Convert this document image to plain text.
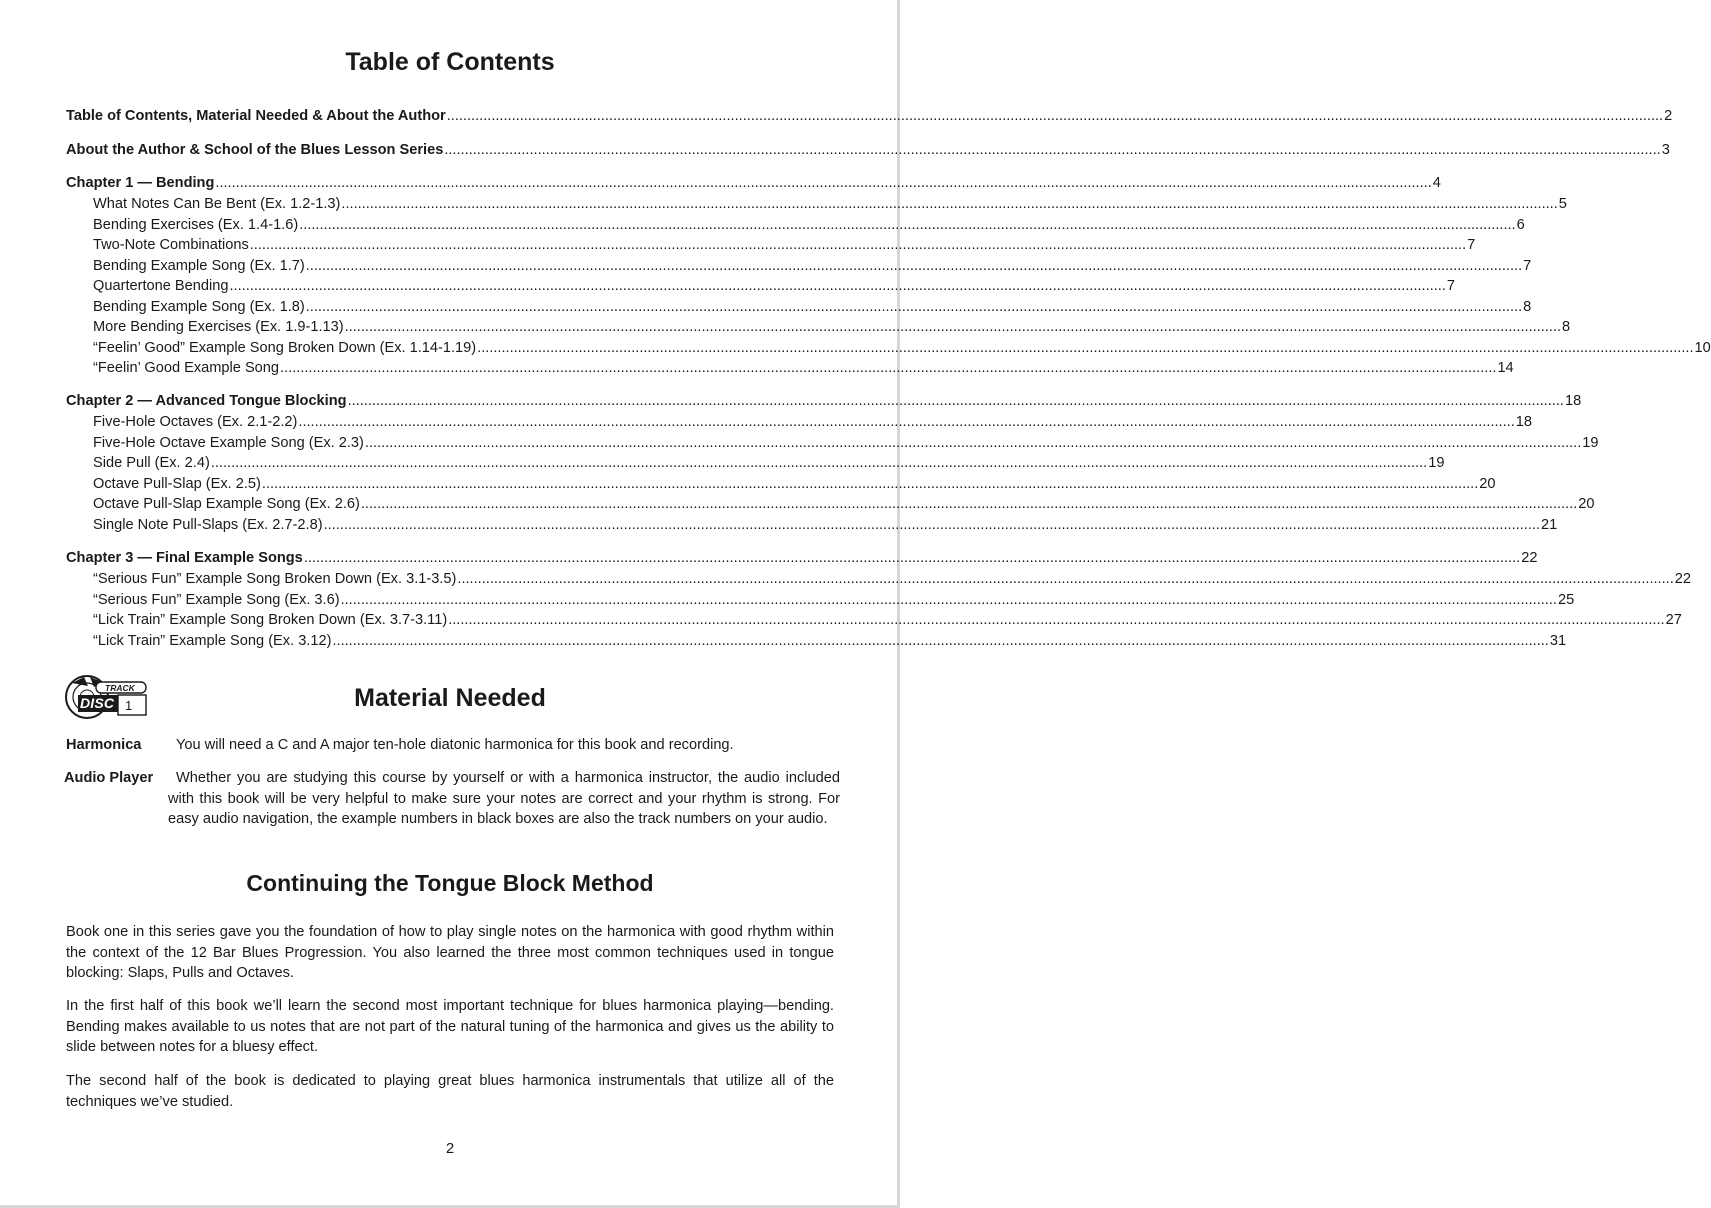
Table of Contents
Table of Contents, Material Needed & About the Author ............................................................................................................................................................................................................................................................................................................ 2
About the Author & School of the Blues Lesson Series ............................................................................................................................................................................................................................................................................................................ 3
Chapter 1 — Bending ............................................................................................................................................................................................................................................................................................................ 4
What Notes Can Be Bent (Ex. 1.2-1.3) ............................................................................................................................................................................................................................................................................................................ 5
Bending Exercises (Ex. 1.4-1.6) ............................................................................................................................................................................................................................................................................................................ 6
Two-Note Combinations ............................................................................................................................................................................................................................................................................................................ 7
Bending Example Song (Ex. 1.7) ............................................................................................................................................................................................................................................................................................................ 7
Quartertone Bending ............................................................................................................................................................................................................................................................................................................ 7
Bending Example Song (Ex. 1.8) ............................................................................................................................................................................................................................................................................................................ 8
More Bending Exercises (Ex. 1.9-1.13) ............................................................................................................................................................................................................................................................................................................ 8
“Feelin’ Good” Example Song Broken Down (Ex. 1.14-1.19) ............................................................................................................................................................................................................................................................................................................ 10
“Feelin’ Good Example Song ............................................................................................................................................................................................................................................................................................................ 14
Chapter 2 — Advanced Tongue Blocking ............................................................................................................................................................................................................................................................................................................ 18
Five-Hole Octaves (Ex. 2.1-2.2) ............................................................................................................................................................................................................................................................................................................ 18
Five-Hole Octave Example Song (Ex. 2.3) ............................................................................................................................................................................................................................................................................................................ 19
Side Pull (Ex. 2.4) ............................................................................................................................................................................................................................................................................................................ 19
Octave Pull-Slap (Ex. 2.5) ............................................................................................................................................................................................................................................................................................................ 20
Octave Pull-Slap Example Song (Ex. 2.6) ............................................................................................................................................................................................................................................................................................................ 20
Single Note Pull-Slaps (Ex. 2.7-2.8) ............................................................................................................................................................................................................................................................................................................ 21
Chapter 3 — Final Example Songs ............................................................................................................................................................................................................................................................................................................ 22
“Serious Fun” Example Song Broken Down (Ex. 3.1-3.5) ............................................................................................................................................................................................................................................................................................................ 22
“Serious Fun” Example Song (Ex. 3.6) ............................................................................................................................................................................................................................................................................................................ 25
“Lick Train” Example Song Broken Down (Ex. 3.7-3.11) ............................................................................................................................................................................................................................................................................................................ 27
“Lick Train” Example Song (Ex. 3.12) ............................................................................................................................................................................................................................................................................................................ 31
TRACK
DISC 1	Material Needed
Harmonica You will need a C and A major ten-hole diatonic harmonica for this book and recording.
Audio Player	Whether you are studying this course by yourself or with a harmonica instructor, the audio included with this book will be very helpful to make sure your notes are correct and your rhythm is strong. For easy audio navigation, the example numbers in black boxes are also the track numbers on your audio.
Continuing the Tongue Block Method

Book one in this series gave you the foundation of how to play single notes on the harmonica with good rhythm within the context of the 12 Bar Blues Progression. You also learned the three most common techniques used in tongue blocking: Slaps, Pulls and Octaves.

In the first half of this book we’ll learn the second most important technique for blues harmonica playing—bending. Bending makes available to us notes that are not part of the natural tuning of the harmonica and gives us the ability to slide between notes for a bluesy effect.

The second half of the book is dedicated to playing great blues harmonica instrumentals that utilize all of the techniques we’ve studied.

2
